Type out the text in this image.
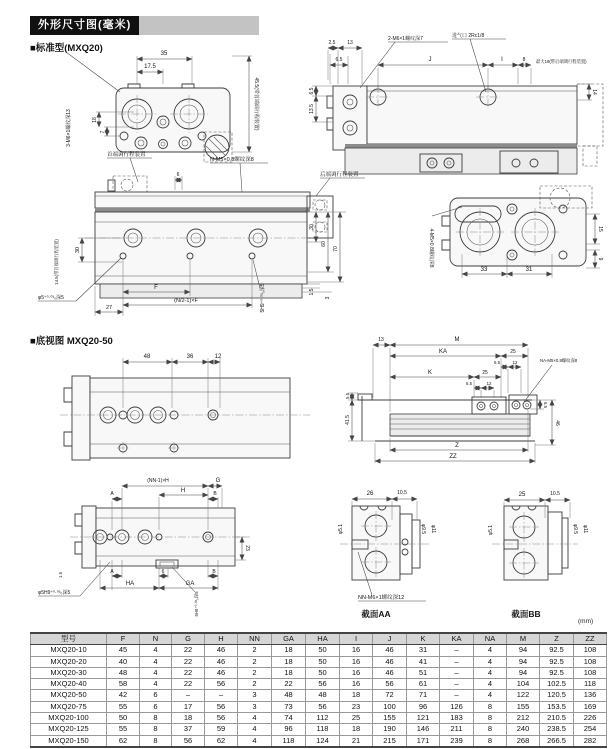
外形尺寸图(毫米)
■标准型(MXQ20)
■底视图 MXQ20-50
(mm)
35
17.5
3-M6×1螺纹深13	18
7
45.5(带首端调行程装置)
2.5 13
6.5	J	I	8 最大19(带后端调行程装置)
2-M6×1螺纹深7	进气口 2Rc1/8
6.5
13.5
14
首端调行程装置
N-M5×0.8螺纹深8
后端调行程装置
6
14.5(带首端调行程装置)	30
φ5⁺⁰·⁰³₀深5
27
F
(N/2-1)×F	5H9⁺⁰·⁰³₀深5
30
60
70
1.5
3
4-M5×0.8螺纹深8
33	31
15
9
48	36	12
13	M
KA	25
6.5	12
K	25
6.5	12
NA-M5×0.8螺纹深8
5.5
41.5
6.5
46
Z
ZZ
(NN-1)×H	G
H
A	B
23
A	6	B
HA	GA
1.5
φ5H9⁺⁰·⁰³₀深5	5H9⁺⁰·⁰³₀深5
26	10.5
φ5.1	φ9.5 φ11
NN-M6×1螺纹深12
截面AA
25	10.5
φ5.1	φ9.5 φ11
截面BB
型号	F	N	G	H	NN	GA	HA	I	J	K	KA	NA	M	Z	ZZ
MXQ20-10	45	4	22	46	2	18	50	16	46	31	–	4	94	92.5	108
MXQ20-20	40	4	22	46	2	18	50	16	46	41	–	4	94	92.5	108
MXQ20-30	48	4	22	46	2	18	50	16	46	51	–	4	94	92.5	108
MXQ20-40	58	4	22	56	2	22	56	16	56	61	–	4	104	102.5	118
MXQ20-50	42	6	–	–	3	48	48	18	72	71	–	4	122	120.5	136
MXQ20-75	55	6	17	56	3	73	56	23	100	96	126	8	155	153.5	169
MXQ20-100	50	8	18	56	4	74	112	25	155	121	183	8	212	210.5	226
MXQ20-125	55	8	37	59	4	96	118	18	190	146	211	8	240	238.5	254
MXQ20-150	62	8	56	62	4	118	124	21	215	171	239	8	268	266.5	282
